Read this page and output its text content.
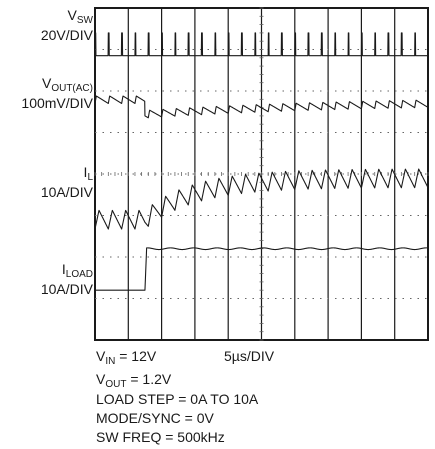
$V_{SW}$
20V/DIV
$V_{OUT(AC)}$
100mV/DIV
$I_L$
10A/DIV
$I_{LOAD}$
10A/DIV
$V_{IN} = 12V$	5µs/DIV
$V_{OUT} = 1.2V$
LOAD STEP = 0A TO 10A
MODE/SYNC = 0V
SW FREQ = 500kHz
